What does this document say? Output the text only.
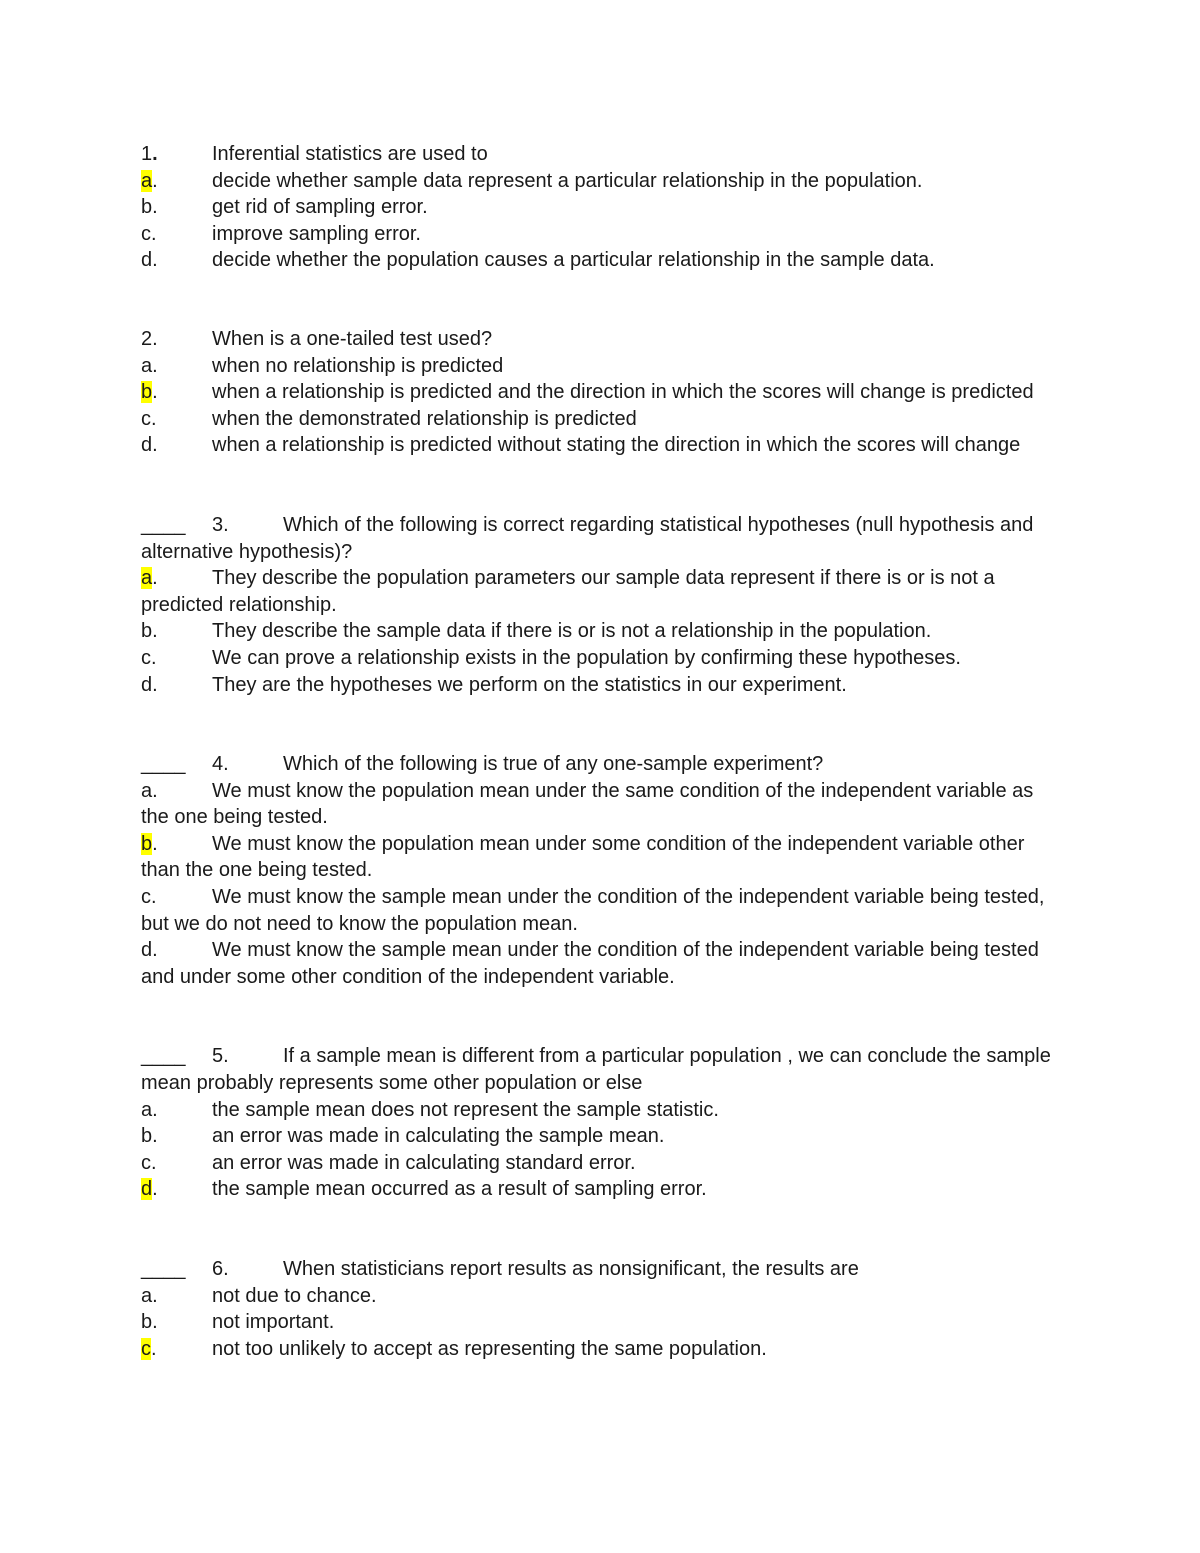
1.	Inferential statistics are used to
a.	decide whether sample data represent a particular relationship in the population.
b.	get rid of sampling error.
c.	improve sampling error.
d.	decide whether the population causes a particular relationship in the sample data.
2.	When is a one-tailed test used?
a.	when no relationship is predicted
b.	when a relationship is predicted and the direction in which the scores will change is predicted
c.	when the demonstrated relationship is predicted
d.	when a relationship is predicted without stating the direction in which the scores will change
____ 3.	Which of the following is correct regarding statistical hypotheses (null hypothesis and alternative hypothesis)?
a.	They describe the population parameters our sample data represent if there is or is not a predicted relationship.
b.	They describe the sample data if there is or is not a relationship in the population.
c.	We can prove a relationship exists in the population by confirming these hypotheses.
d.	They are the hypotheses we perform on the statistics in our experiment.
____ 4.	Which of the following is true of any one-sample experiment?
a.	We must know the population mean under the same condition of the independent variable as the one being tested.
b.	We must know the population mean under some condition of the independent variable other than the one being tested.
c.	We must know the sample mean under the condition of the independent variable being tested, but we do not need to know the population mean.
d.	We must know the sample mean under the condition of the independent variable being tested and under some other condition of the independent variable.
____ 5.	If a sample mean is different from a particular population , we can conclude the sample mean probably represents some other population or else
a.	the sample mean does not represent the sample statistic.
b.	an error was made in calculating the sample mean.
c.	an error was made in calculating standard error.
d.	the sample mean occurred as a result of sampling error.
____ 6.	When statisticians report results as nonsignificant, the results are
a.	not due to chance.
b.	not important.
c.	not too unlikely to accept as representing the same population.
